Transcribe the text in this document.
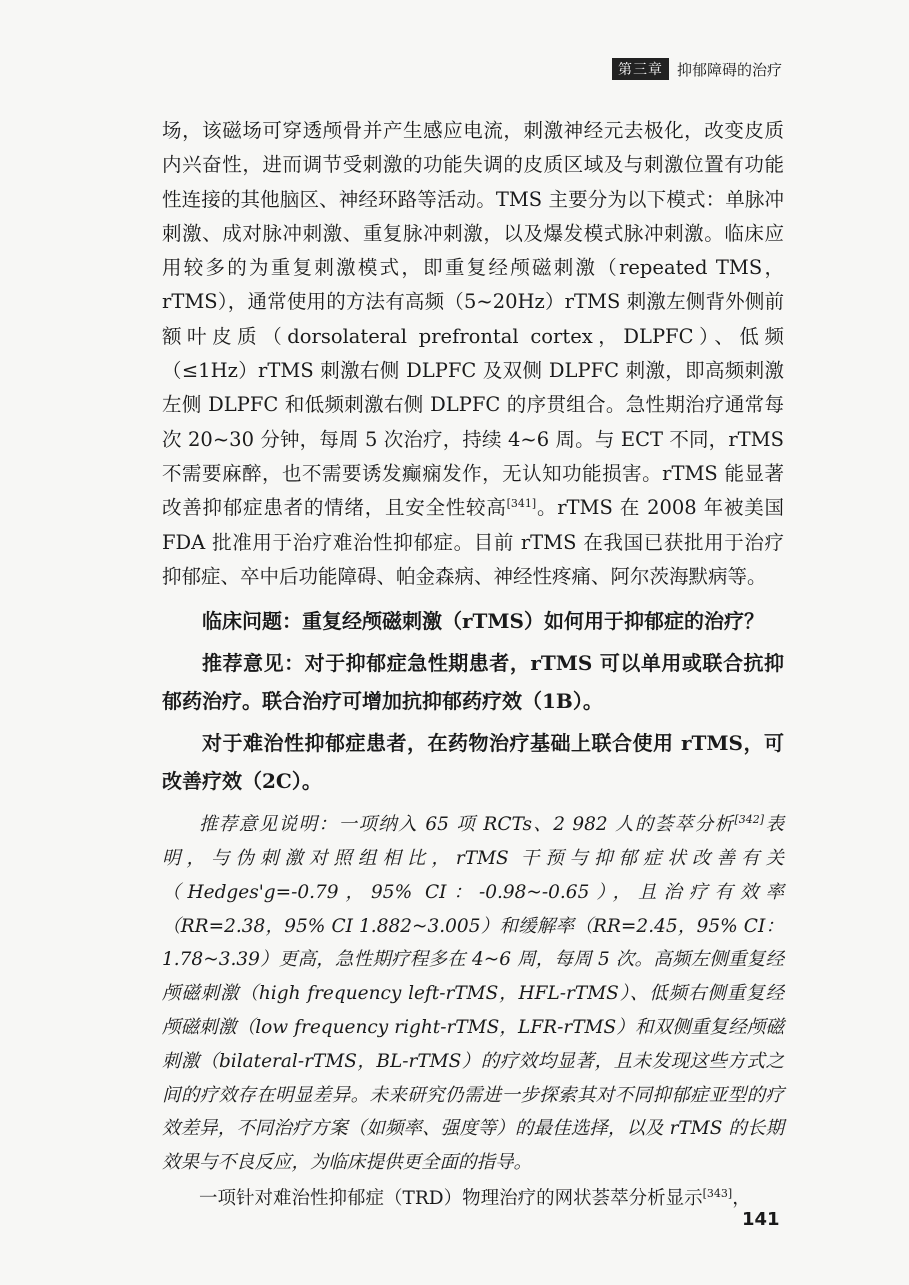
第三章 抑郁障碍的治疗

场，该磁场可穿透颅骨并产生感应电流，刺激神经元去极化，改变皮质内兴奋性，进而调节受刺激的功能失调的皮质区域及与刺激位置有功能性连接的其他脑区、神经环路等活动。TMS 主要分为以下模式：单脉冲刺激、成对脉冲刺激、重复脉冲刺激，以及爆发模式脉冲刺激。临床应用较多的为重复刺激模式，即重复经颅磁刺激（repeated TMS，rTMS），通常使用的方法有高频（5~20Hz）rTMS 刺激左侧背外侧前额叶皮质（dorsolateral prefrontal cortex，DLPFC）、低频（≤1Hz）rTMS 刺激右侧 DLPFC 及双侧 DLPFC 刺激，即高频刺激左侧 DLPFC 和低频刺激右侧 DLPFC 的序贯组合。急性期治疗通常每次 20~30 分钟，每周 5 次治疗，持续 4~6 周。与 ECT 不同，rTMS 不需要麻醉，也不需要诱发癫痫发作，无认知功能损害。rTMS 能显著改善抑郁症患者的情绪，且安全性较高[341]。rTMS 在 2008 年被美国 FDA 批准用于治疗难治性抑郁症。目前 rTMS 在我国已获批用于治疗抑郁症、卒中后功能障碍、帕金森病、神经性疼痛、阿尔茨海默病等。

临床问题：重复经颅磁刺激（rTMS）如何用于抑郁症的治疗？

推荐意见：对于抑郁症急性期患者，rTMS 可以单用或联合抗抑郁药治疗。联合治疗可增加抗抑郁药疗效（1B）。

对于难治性抑郁症患者，在药物治疗基础上联合使用 rTMS，可改善疗效（2C）。

推荐意见说明：一项纳入 65 项 RCTs、2 982 人的荟萃分析[342]表明，与伪刺激对照组相比，rTMS 干预与抑郁症状改善有关（Hedges'g=-0.79，95% CI：-0.98~-0.65），且治疗有效率（RR=2.38，95% CI 1.882~3.005）和缓解率（RR=2.45，95% CI：1.78~3.39）更高，急性期疗程多在 4~6 周，每周 5 次。高频左侧重复经颅磁刺激（high frequency left-rTMS，HFL-rTMS）、低频右侧重复经颅磁刺激（low frequency right-rTMS，LFR-rTMS）和双侧重复经颅磁刺激（bilateral-rTMS，BL-rTMS）的疗效均显著，且未发现这些方式之间的疗效存在明显差异。未来研究仍需进一步探索其对不同抑郁症亚型的疗效差异，不同治疗方案（如频率、强度等）的最佳选择，以及 rTMS 的长期效果与不良反应，为临床提供更全面的指导。

一项针对难治性抑郁症（TRD）物理治疗的网状荟萃分析显示[343]，

141
